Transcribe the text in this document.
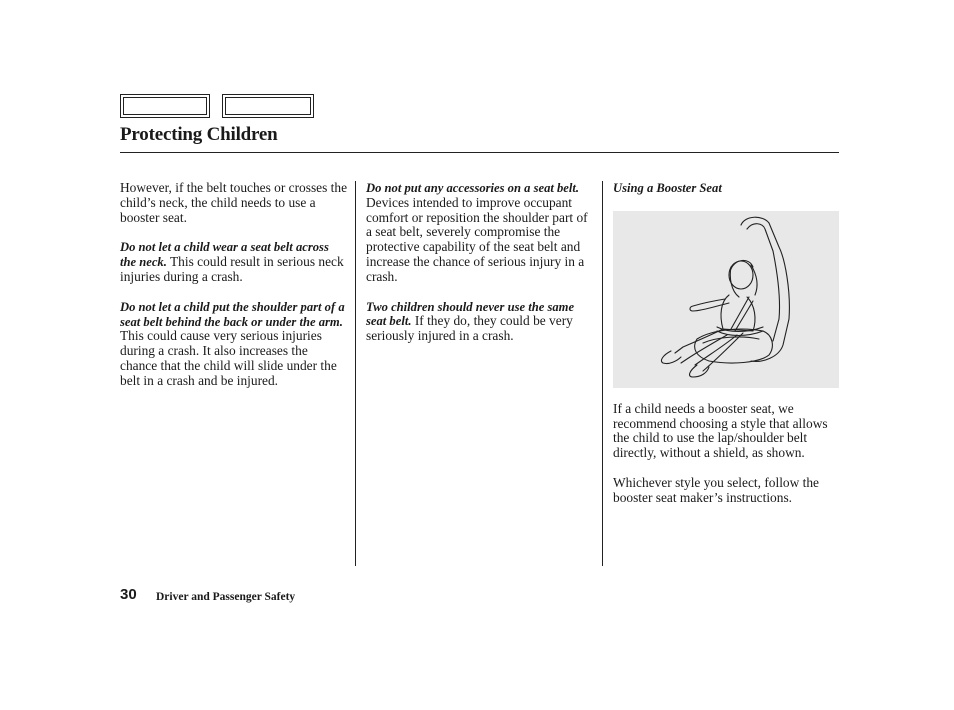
Protecting Children

However, if the belt touches or crosses the child’s neck, the child needs to use a booster seat.

Do not let a child wear a seat belt across the neck. This could result in serious neck injuries during a crash.

Do not let a child put the shoulder part of a seat belt behind the back or under the arm. This could cause very serious injuries during a crash. It also increases the chance that the child will slide under the belt in a crash and be injured.

Do not put any accessories on a seat belt. Devices intended to improve occupant comfort or reposition the shoulder part of a seat belt, severely compromise the protective capability of the seat belt and increase the chance of serious injury in a crash.

Two children should never use the same seat belt. If they do, they could be very seriously injured in a crash.

Using a Booster Seat

If a child needs a booster seat, we recommend choosing a style that allows the child to use the lap/shoulder belt directly, without a shield, as shown.

Whichever style you select, follow the booster seat maker’s instructions.

30 Driver and Passenger Safety
